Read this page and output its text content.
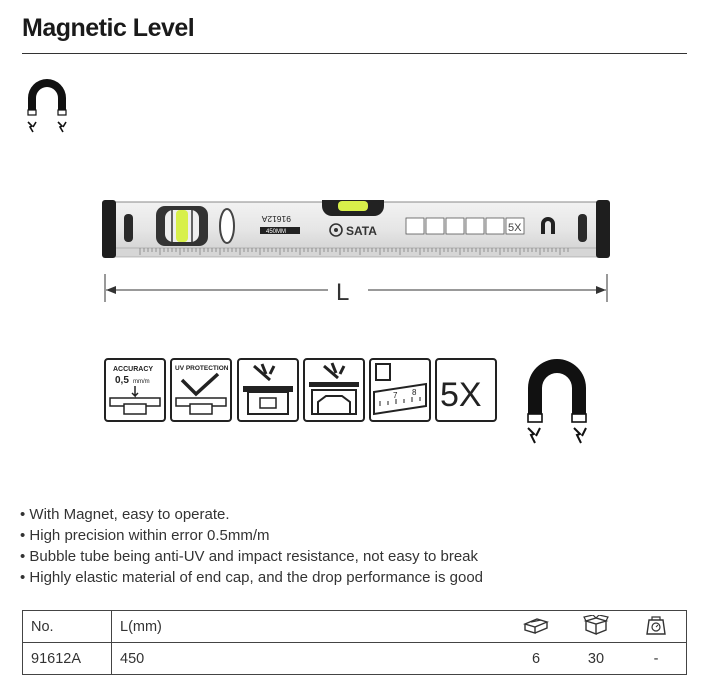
Magnetic Level
91612A
450MM	SATA	5X
L
ACCURACY
0,5 mm/m
UV PROTECTION
7 8 5X
• With Magnet, easy to operate.
• High precision within error 0.5mm/m
• Bubble tube being anti-UV and impact resistance, not easy to break
• Highly elastic material of end cap, and the drop performance is good
No.	L(mm)			
91612A	450	6	30	-
